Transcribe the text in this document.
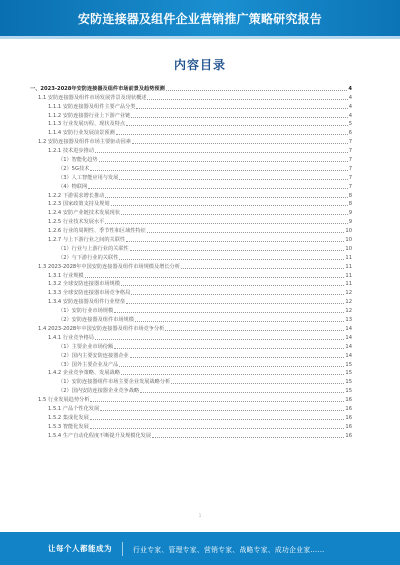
安防连接器及组件企业营销推广策略研究报告
内容目录
一、2023-2028年安防连接器及组件市场前景及趋势预测	4
1.1 安防连接器及组件市场发展背景及现状概述	4
1.1.1 安防连接器及组件主要产品分类	4
1.1.2 安防连接器行业上下游产业链	4
1.1.3 行业发展历程、现状及特点	5
1.1.4 安防行业发展前景预测	6
1.2 安防连接器及组件市场主要驱动因素	7
1.2.1 技术进步推动	7
（1）智能化趋势	7
（2）5G技术	7
（3）人工智能应用与发展	7
（4）物联网	7
1.2.2 下游需求增长推动	8
1.2.3 国家政策支持及规划	8
1.2.4 安防产业链技术发展现状	9
1.2.5 行业技术发展水平	9
1.2.6 行业的周期性、季节性和区域性特征	10
1.2.7 与上下游行业之间的关联性	10
（1）行业与上游行业的关联性	10
（2）与下游行业的关联性	11
1.3 2023-2028年中国安防连接器及组件市场规模及增长分析	11
1.3.1 行业规模	11
1.3.2 全球安防连接器市场规模	11
1.3.3 全球安防连接器市场竞争格局	12
1.3.4 安防连接器及组件行业壁垒	12
（1）安防行业市场规模	12
（2）安防连接器及组件市场规模	13
1.4 2023-2028年中国安防连接器及组件市场竞争分析	14
1.4.1 行业竞争格局	14
（1）主要企业市场份额	14
（2）国内主要安防连接器企业	14
（3）国外主要企业及产品	15
1.4.2 企业竞争策略、发展战略	15
（1）安防连接器组件市场主要企业发展战略分析	15
（2）国内安防连接器企业竞争战略	15
1.5 行业发展趋势分析	16
1.5.1 产品个性化发展	16
1.5.2 集成化发展	16
1.5.3 智能化发展	16
1.5.4 生产自动化程度不断提升及规模化发展	16
1
让每个人都能成为	行业专家、管理专家、营销专家、战略专家、成功企业家……
